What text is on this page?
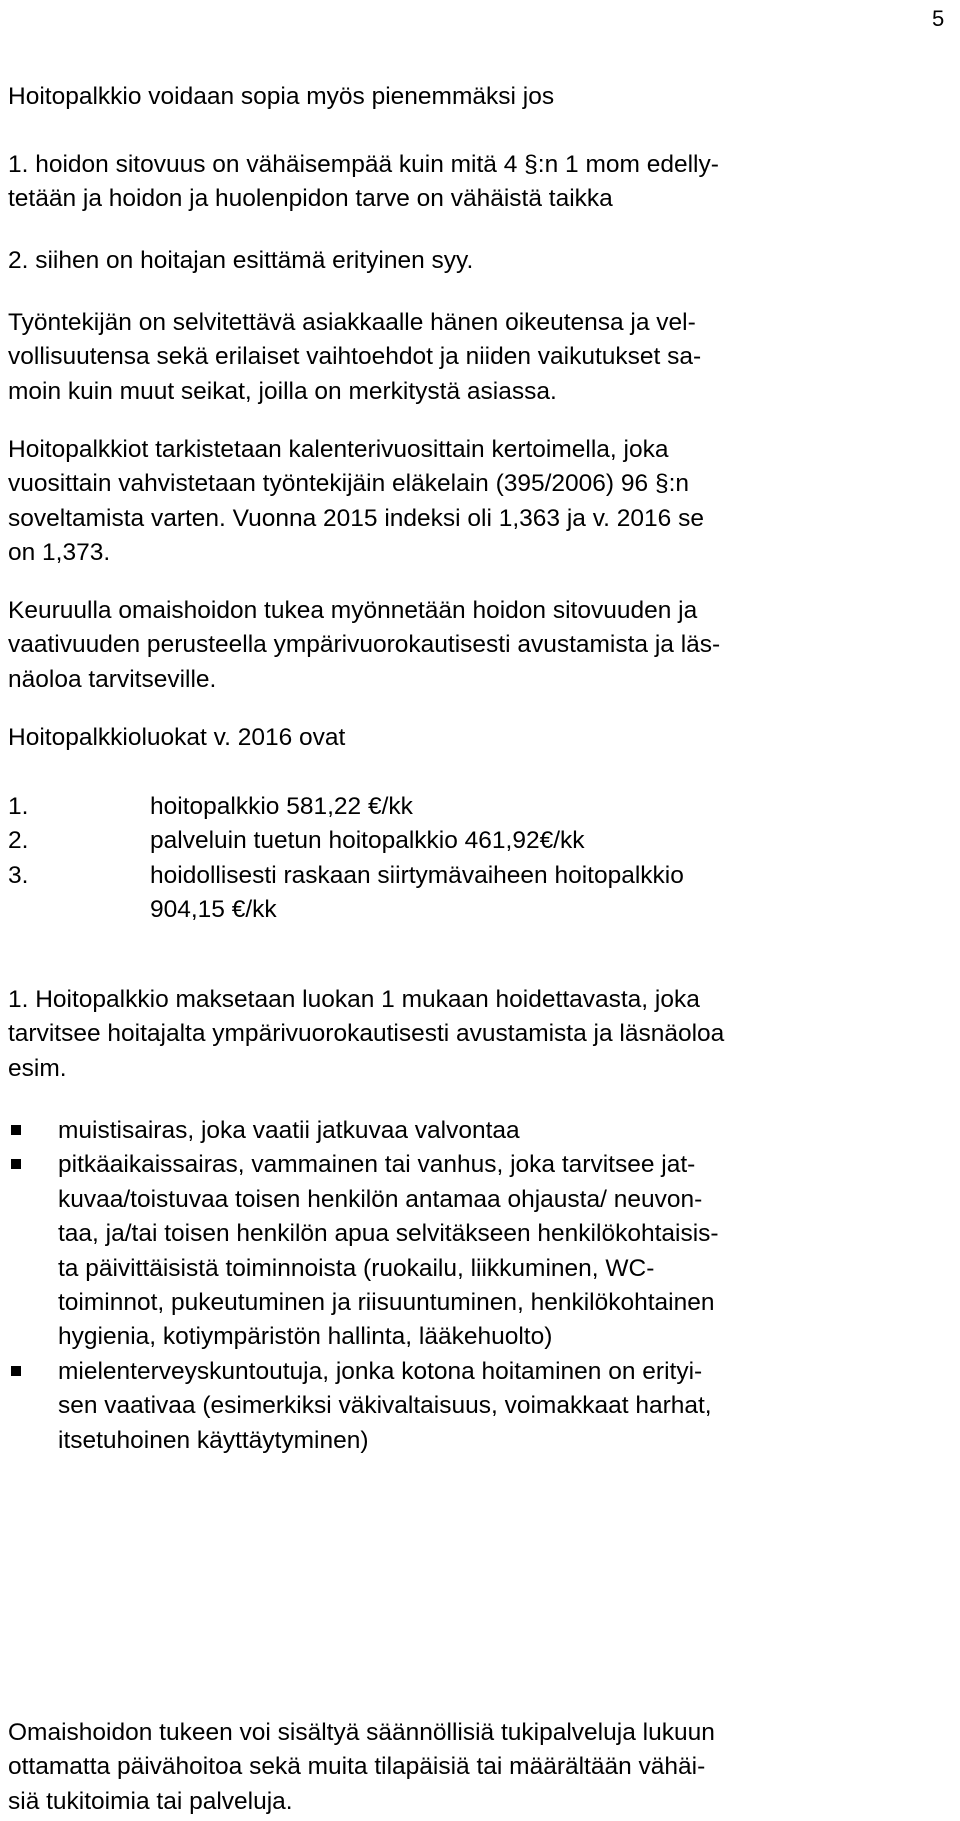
5

Hoitopalkkio voidaan sopia myös pienemmäksi jos

1. hoidon sitovuus on vähäisempää kuin mitä 4 §:n 1 mom edelly-

tetään ja hoidon ja huolenpidon tarve on vähäistä taikka

2. siihen on hoitajan esittämä erityinen syy.

Työntekijän on selvitettävä asiakkaalle hänen oikeutensa ja vel-

vollisuutensa sekä erilaiset vaihtoehdot ja niiden vaikutukset sa-

moin kuin muut seikat, joilla on merkitystä asiassa.

Hoitopalkkiot tarkistetaan kalenterivuosittain kertoimella, joka

vuosittain vahvistetaan työntekijäin eläkelain (395/2006) 96 §:n

soveltamista varten. Vuonna 2015 indeksi oli 1,363 ja v. 2016 se

on 1,373.

Keuruulla omaishoidon tukea myönnetään hoidon sitovuuden ja

vaativuuden perusteella ympärivuorokautisesti avustamista ja läs-

näoloa tarvitseville.

Hoitopalkkioluokat v. 2016 ovat

1.	hoitopalkkio 581,22 €/kk
2.	palveluin tuetun hoitopalkkio 461,92€/kk
3.	hoidollisesti raskaan siirtymävaiheen hoitopalkkio
904,15 €/kk

1. Hoitopalkkio maksetaan luokan 1 mukaan hoidettavasta, joka

tarvitsee hoitajalta ympärivuorokautisesti avustamista ja läsnäoloa

esim.

muistisairas, joka vaatii jatkuvaa valvontaa

pitkäaikaissairas, vammainen tai vanhus, joka tarvitsee jat-

kuvaa/toistuvaa toisen henkilön antamaa ohjausta/ neuvon-

taa, ja/tai toisen henkilön apua selvitäkseen henkilökohtaisis-

ta päivittäisistä toiminnoista (ruokailu, liikkuminen, WC-

toiminnot, pukeutuminen ja riisuuntuminen, henkilökohtainen

hygienia, kotiympäristön hallinta, lääkehuolto)

mielenterveyskuntoutuja, jonka kotona hoitaminen on erityi-

sen vaativaa (esimerkiksi väkivaltaisuus, voimakkaat harhat,

itsetuhoinen käyttäytyminen)

Omaishoidon tukeen voi sisältyä säännöllisiä tukipalveluja lukuun

ottamatta päivähoitoa sekä muita tilapäisiä tai määrältään vähäi-

siä tukitoimia tai palveluja.
